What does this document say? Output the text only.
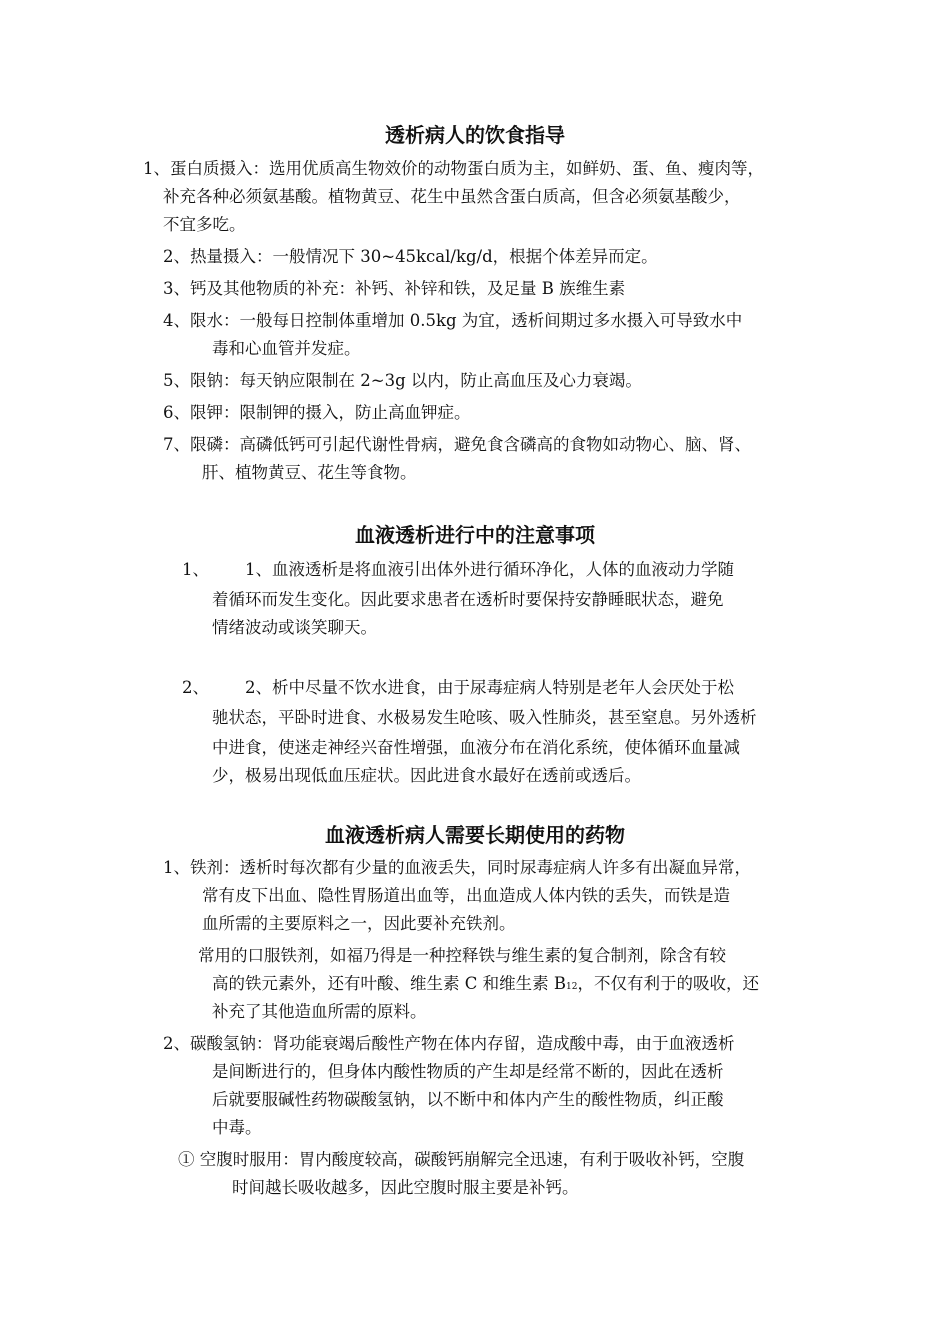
透析病人的饮食指导
1、蛋白质摄入：选用优质高生物效价的动物蛋白质为主，如鲜奶、蛋、鱼、瘦肉等，
补充各种必须氨基酸。植物黄豆、花生中虽然含蛋白质高，但含必须氨基酸少，
不宜多吃。
2、热量摄入：一般情况下 30~45kcal/kg/d，根据个体差异而定。
3、钙及其他物质的补充：补钙、补锌和铁，及足量 B 族维生素
4、限水：一般每日控制体重增加 0.5kg 为宜，透析间期过多水摄入可导致水中
毒和心血管并发症。
5、限钠：每天钠应限制在 2~3g 以内，防止高血压及心力衰竭。
6、限钾：限制钾的摄入，防止高血钾症。
7、限磷：高磷低钙可引起代谢性骨病，避免食含磷高的食物如动物心、脑、肾、
肝、植物黄豆、花生等食物。
血液透析进行中的注意事项
1、 1、血液透析是将血液引出体外进行循环净化，人体的血液动力学随
着循环而发生变化。因此要求患者在透析时要保持安静睡眠状态，避免
情绪波动或谈笑聊天。
2、 2、析中尽量不饮水进食，由于尿毒症病人特别是老年人会厌处于松
驰状态，平卧时进食、水极易发生呛咳、吸入性肺炎，甚至窒息。另外透析
中进食，使迷走神经兴奋性增强，血液分布在消化系统，使体循环血量减
少，极易出现低血压症状。因此进食水最好在透前或透后。
血液透析病人需要长期使用的药物
1、铁剂：透析时每次都有少量的血液丢失，同时尿毒症病人许多有出凝血异常，
常有皮下出血、隐性胃肠道出血等，出血造成人体内铁的丢失，而铁是造
血所需的主要原料之一，因此要补充铁剂。
常用的口服铁剂，如福乃得是一种控释铁与维生素的复合制剂，除含有较
高的铁元素外，还有叶酸、维生素 C 和维生素 B12，不仅有利于的吸收，还
补充了其他造血所需的原料。
2、碳酸氢钠：肾功能衰竭后酸性产物在体内存留，造成酸中毒，由于血液透析
是间断进行的，但身体内酸性物质的产生却是经常不断的，因此在透析
后就要服碱性药物碳酸氢钠，以不断中和体内产生的酸性物质，纠正酸
中毒。
① 空腹时服用：胃内酸度较高，碳酸钙崩解完全迅速，有利于吸收补钙，空腹
时间越长吸收越多，因此空腹时服主要是补钙。
